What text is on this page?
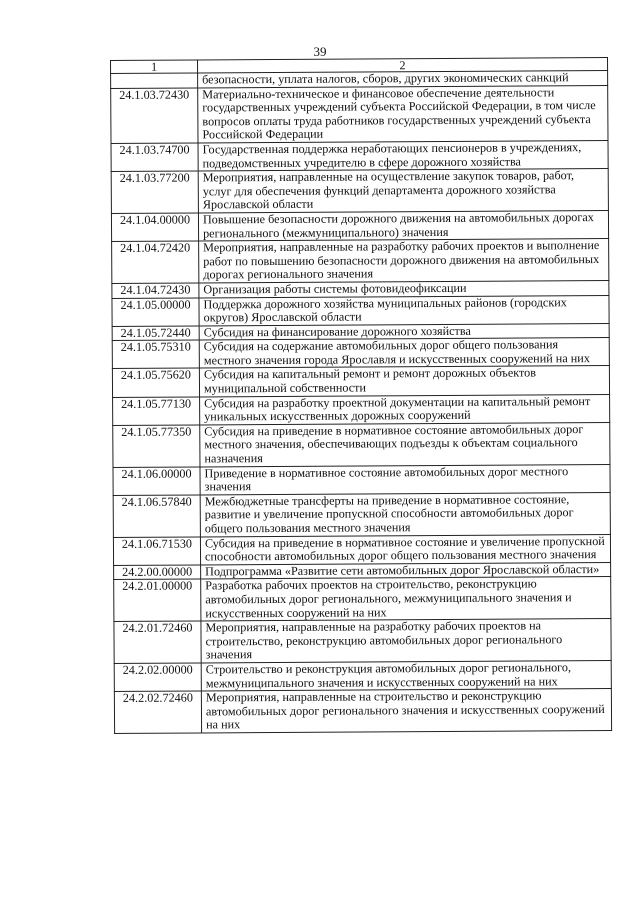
39
1	2
	безопасности, уплата налогов, сборов, других экономических санкций
24.1.03.72430	Материально-техническое и финансовое обеспечение деятельности государственных учреждений субъекта Российской Федерации, в том числе вопросов оплаты труда работников государственных учреждений субъекта Российской Федерации
24.1.03.74700	Государственная поддержка неработающих пенсионеров в учреждениях, подведомственных учредителю в сфере дорожного хозяйства
24.1.03.77200	Мероприятия, направленные на осуществление закупок товаров, работ, услуг для обеспечения функций департамента дорожного хозяйства Ярославской области
24.1.04.00000	Повышение безопасности дорожного движения на автомобильных дорогах регионального (межмуниципального) значения
24.1.04.72420	Мероприятия, направленные на разработку рабочих проектов и выполнение работ по повышению безопасности дорожного движения на автомобильных дорогах регионального значения
24.1.04.72430	Организация работы системы фотовидеофиксации
24.1.05.00000	Поддержка дорожного хозяйства муниципальных районов (городских округов) Ярославской области
24.1.05.72440	Субсидия на финансирование дорожного хозяйства
24.1.05.75310	Субсидия на содержание автомобильных дорог общего пользования местного значения города Ярославля и искусственных сооружений на них
24.1.05.75620	Субсидия на капитальный ремонт и ремонт дорожных объектов муниципальной собственности
24.1.05.77130	Субсидия на разработку проектной документации на капитальный ремонт уникальных искусственных дорожных сооружений
24.1.05.77350	Субсидия на приведение в нормативное состояние автомобильных дорог местного значения, обеспечивающих подъезды к объектам социального назначения
24.1.06.00000	Приведение в нормативное состояние автомобильных дорог местного значения
24.1.06.57840	Межбюджетные трансферты на приведение в нормативное состояние, развитие и увеличение пропускной способности автомобильных дорог общего пользования местного значения
24.1.06.71530	Субсидия на приведение в нормативное состояние и увеличение пропускной способности автомобильных дорог общего пользования местного значения
24.2.00.00000	Подпрограмма «Развитие сети автомобильных дорог Ярославской области»
24.2.01.00000	Разработка рабочих проектов на строительство, реконструкцию автомобильных дорог регионального, межмуниципального значения и искусственных сооружений на них
24.2.01.72460	Мероприятия, направленные на разработку рабочих проектов на строительство, реконструкцию автомобильных дорог регионального значения
24.2.02.00000	Строительство и реконструкция автомобильных дорог регионального, межмуниципального значения и искусственных сооружений на них
24.2.02.72460	Мероприятия, направленные на строительство и реконструкцию автомобильных дорог регионального значения и искусственных сооружений на них
